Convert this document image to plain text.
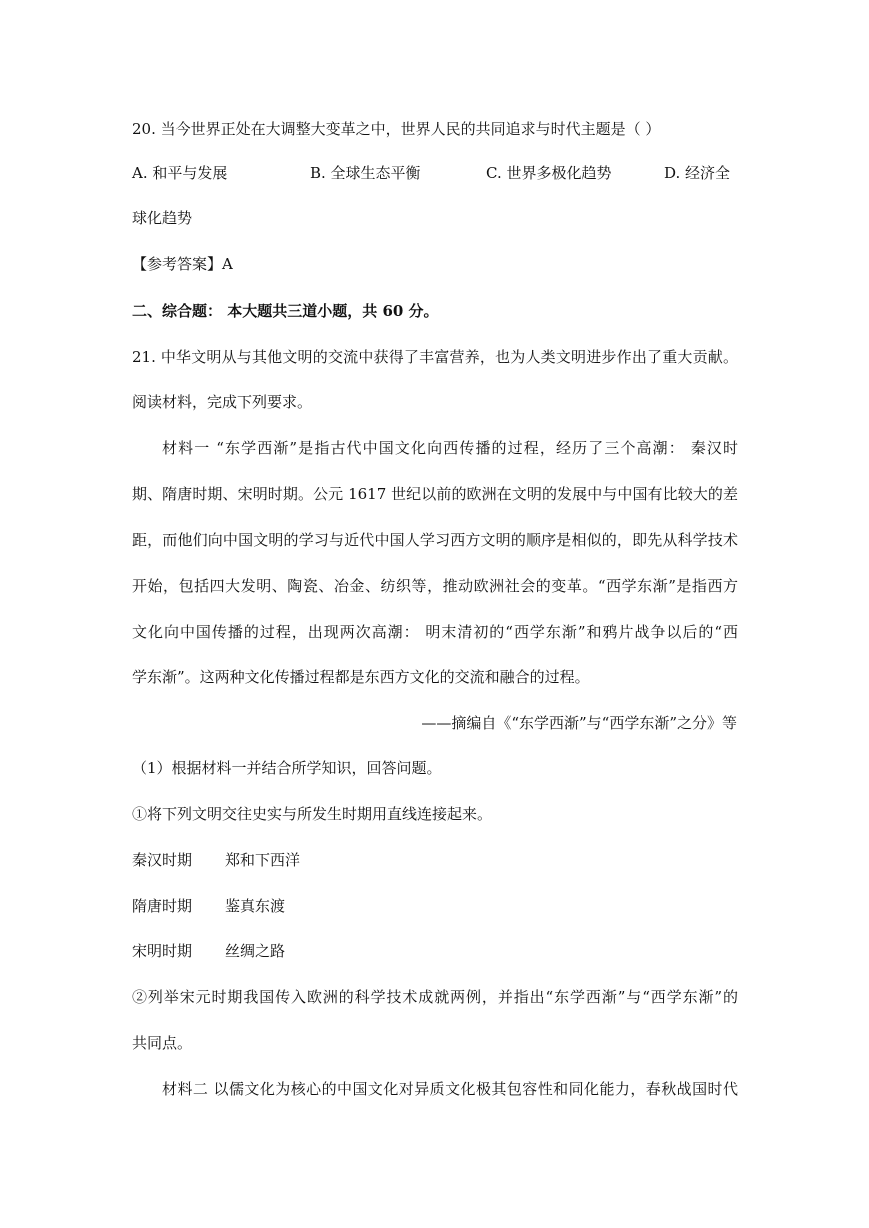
20. 当今世界正处在大调整大变革之中，世界人民的共同追求与时代主题是（ ）
A. 和平与发展	B. 全球生态平衡	C. 世界多极化趋势	D. 经济全
球化趋势
【参考答案】A
二、综合题： 本大题共三道小题，共 60 分。
21. 中华文明从与其他文明的交流中获得了丰富营养，也为人类文明进步作出了重大贡献。
阅读材料，完成下列要求。
材料一 “东学西渐”是指古代中国文化向西传播的过程，经历了三个高潮： 秦汉时
期、隋唐时期、宋明时期。公元 1617 世纪以前的欧洲在文明的发展中与中国有比较大的差
距，而他们向中国文明的学习与近代中国人学习西方文明的顺序是相似的，即先从科学技术
开始，包括四大发明、陶瓷、冶金、纺织等，推动欧洲社会的变革。“西学东渐”是指西方
文化向中国传播的过程，出现两次高潮： 明末清初的“西学东渐”和鸦片战争以后的“西
学东渐”。这两种文化传播过程都是东西方文化的交流和融合的过程。
——摘编自《“东学西渐”与“西学东渐”之分》等
（1）根据材料一并结合所学知识，回答问题。
①将下列文明交往史实与所发生时期用直线连接起来。
秦汉时期 郑和下西洋
隋唐时期 鉴真东渡
宋明时期 丝绸之路
②列举宋元时期我国传入欧洲的科学技术成就两例，并指出“东学西渐”与“西学东渐”的
共同点。
材料二 以儒文化为核心的中国文化对异质文化极其包容性和同化能力，春秋战国时代
